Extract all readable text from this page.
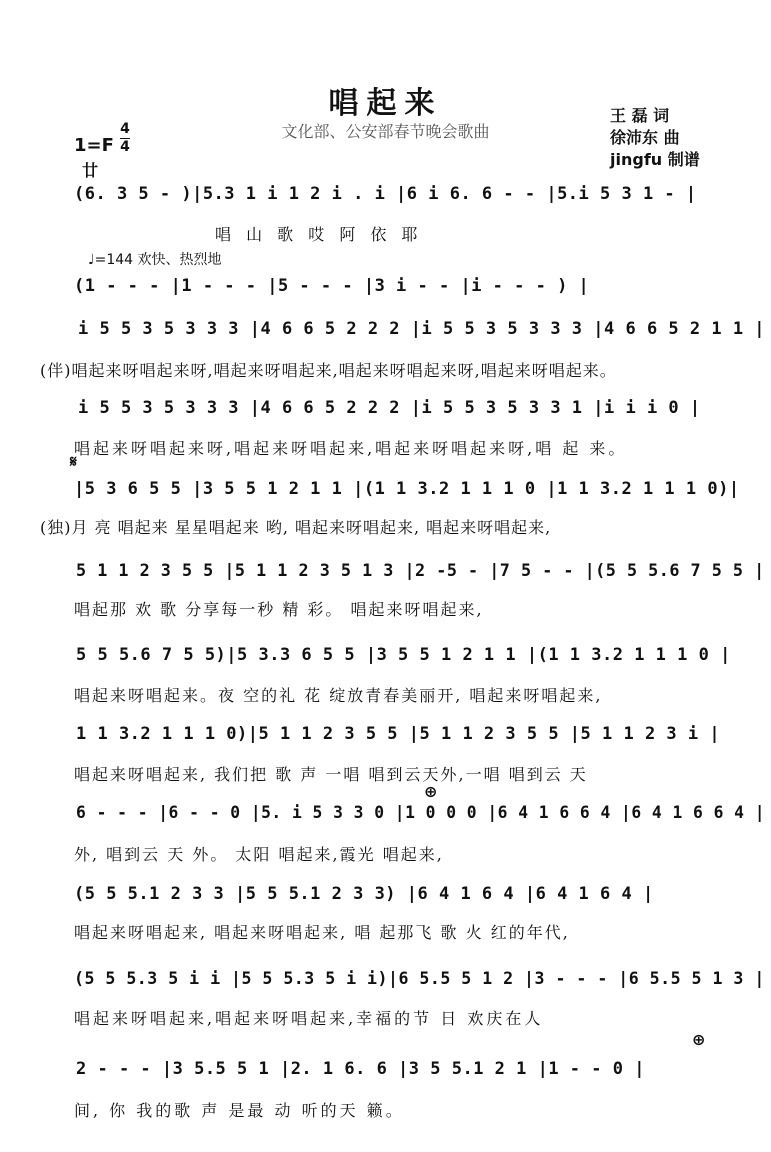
唱起来
文化部、公安部春节晚会歌曲
王 磊 词
徐沛东 曲
jingfu 制谱
1=F
4
4
廿
(6. 3 5 - )|5.3 1 i 1 2 i . i |6 i 6. 6 - - |5.i 5 3 1 - |
唱 山 歌 哎 阿 依 耶
♩=144 欢快、热烈地
(1 - - - |1 - - - |5 - - - |3 i - - |i - - - ) |
i 5 5 3 5 3 3 3 |4 6 6 5 2 2 2 |i 5 5 3 5 3 3 3 |4 6 6 5 2 1 1 |
(伴)唱起来呀唱起来呀,唱起来呀唱起来,唱起来呀唱起来呀,唱起来呀唱起来。
i 5 5 3 5 3 3 3 |4 6 6 5 2 2 2 |i 5 5 3 5 3 3 1 |i i i 0 |
唱起来呀唱起来呀,唱起来呀唱起来,唱起来呀唱起来呀,唱 起 来。
𝄋
|5 3 6 5 5 |3 5 5 1 2 1 1 |(1 1 3.2 1 1 1 0 |1 1 3.2 1 1 1 0)|
(独)月 亮 唱起来 星星唱起来 哟, 唱起来呀唱起来, 唱起来呀唱起来,
5 1 1 2 3 5 5 |5 1 1 2 3 5 1 3 |2 -5 - |7 5 - - |(5 5 5.6 7 5 5 |
唱起那 欢 歌 分享每一秒 精 彩。 唱起来呀唱起来,
5 5 5.6 7 5 5)|5 3.3 6 5 5 |3 5 5 1 2 1 1 |(1 1 3.2 1 1 1 0 |
唱起来呀唱起来。夜 空的礼 花 绽放青春美丽开, 唱起来呀唱起来,
1 1 3.2 1 1 1 0)|5 1 1 2 3 5 5 |5 1 1 2 3 5 5 |5 1 1 2 3 i |
唱起来呀唱起来, 我们把 歌 声 一唱 唱到云天外,一唱 唱到云 天
⊕
6 - - - |6 - - 0 |5. i 5 3 3 0 |1 0 0 0 |6 4 1 6 6 4 |6 4 1 6 6 4 |
外, 唱到云 天 外。 太阳 唱起来,霞光 唱起来,
(5 5 5.1 2 3 3 |5 5 5.1 2 3 3) |6 4 1 6 4 |6 4 1 6 4 |
唱起来呀唱起来, 唱起来呀唱起来, 唱 起那飞 歌 火 红的年代,
(5 5 5.3 5 i i |5 5 5.3 5 i i)|6 5.5 5 1 2 |3 - - - |6 5.5 5 1 3 |
唱起来呀唱起来,唱起来呀唱起来,幸福的节 日 欢庆在人
⊕
2 - - - |3 5.5 5 1 |2. 1 6. 6 |3 5 5.1 2 1 |1 - - 0 |
间, 你 我的歌 声 是最 动 听的天 籁。
